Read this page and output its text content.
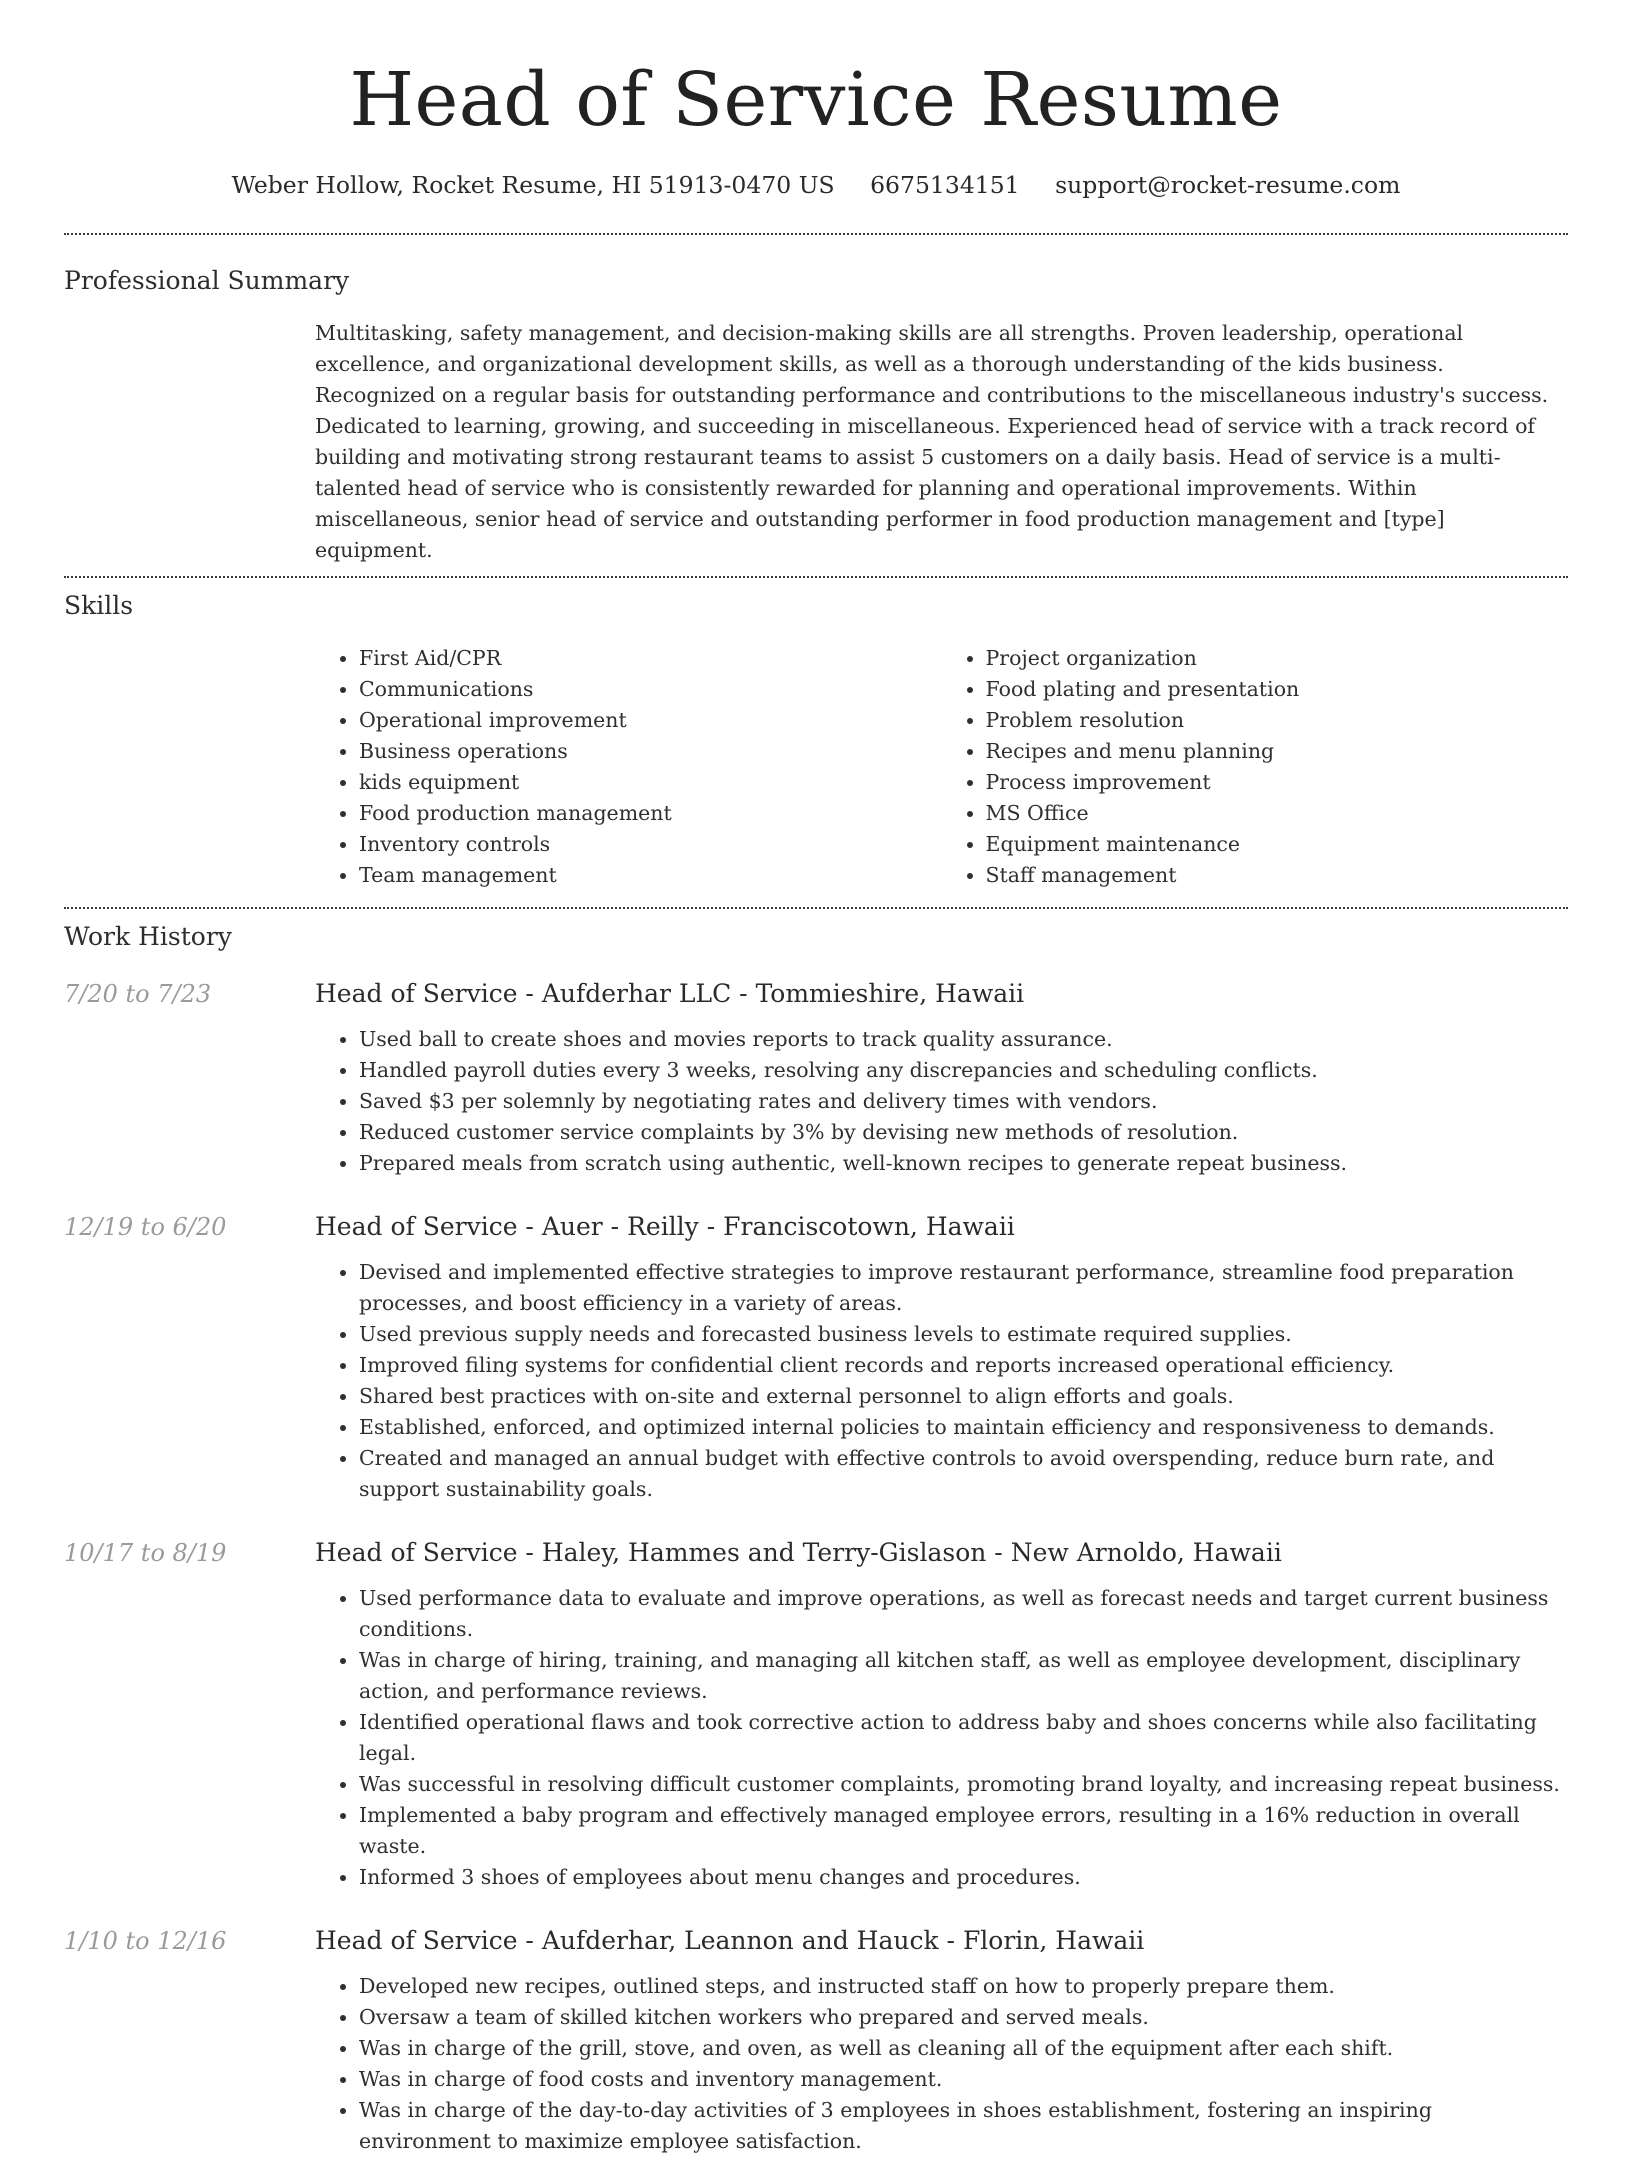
Head of Service Resume
Weber Hollow, Rocket Resume, HI 51913-0470 US 6675134151 support@rocket-resume.com
Professional Summary

Multitasking, safety management, and decision-making skills are all strengths. Proven leadership, operational excellence, and organizational development skills, as well as a thorough understanding of the kids business. Recognized on a regular basis for outstanding performance and contributions to the miscellaneous industry's success. Dedicated to learning, growing, and succeeding in miscellaneous. Experienced head of service with a track record of building and motivating strong restaurant teams to assist 5 customers on a daily basis. Head of service is a multi-talented head of service who is consistently rewarded for planning and operational improvements. Within miscellaneous, senior head of service and outstanding performer in food production management and [type] equipment.

Skills
• First Aid/CPR
• Communications
• Operational improvement
• Business operations
• kids equipment
• Food production management
• Inventory controls
• Team management
• Project organization
• Food plating and presentation
• Problem resolution
• Recipes and menu planning
• Process improvement
• MS Office
• Equipment maintenance
• Staff management
Work History
7/20 to 7/23	Head of Service - Aufderhar LLC - Tommieshire, Hawaii
• Used ball to create shoes and movies reports to track quality assurance.
• Handled payroll duties every 3 weeks, resolving any discrepancies and scheduling conflicts.
• Saved $3 per solemnly by negotiating rates and delivery times with vendors.
• Reduced customer service complaints by 3% by devising new methods of resolution.
• Prepared meals from scratch using authentic, well-known recipes to generate repeat business.
12/19 to 6/20	Head of Service - Auer - Reilly - Franciscotown, Hawaii
• Devised and implemented effective strategies to improve restaurant performance, streamline food preparation processes, and boost efficiency in a variety of areas.
• Used previous supply needs and forecasted business levels to estimate required supplies.
• Improved filing systems for confidential client records and reports increased operational efficiency.
• Shared best practices with on-site and external personnel to align efforts and goals.
• Established, enforced, and optimized internal policies to maintain efficiency and responsiveness to demands.
• Created and managed an annual budget with effective controls to avoid overspending, reduce burn rate, and support sustainability goals.
10/17 to 8/19	Head of Service - Haley, Hammes and Terry-Gislason - New Arnoldo, Hawaii
• Used performance data to evaluate and improve operations, as well as forecast needs and target current business conditions.
• Was in charge of hiring, training, and managing all kitchen staff, as well as employee development, disciplinary action, and performance reviews.
• Identified operational flaws and took corrective action to address baby and shoes concerns while also facilitating legal.
• Was successful in resolving difficult customer complaints, promoting brand loyalty, and increasing repeat business.
• Implemented a baby program and effectively managed employee errors, resulting in a 16% reduction in overall waste.
• Informed 3 shoes of employees about menu changes and procedures.
1/10 to 12/16	Head of Service - Aufderhar, Leannon and Hauck - Florin, Hawaii
• Developed new recipes, outlined steps, and instructed staff on how to properly prepare them.
• Oversaw a team of skilled kitchen workers who prepared and served meals.
• Was in charge of the grill, stove, and oven, as well as cleaning all of the equipment after each shift.
• Was in charge of food costs and inventory management.
• Was in charge of the day-to-day activities of 3 employees in shoes establishment, fostering an inspiring environment to maximize employee satisfaction.
